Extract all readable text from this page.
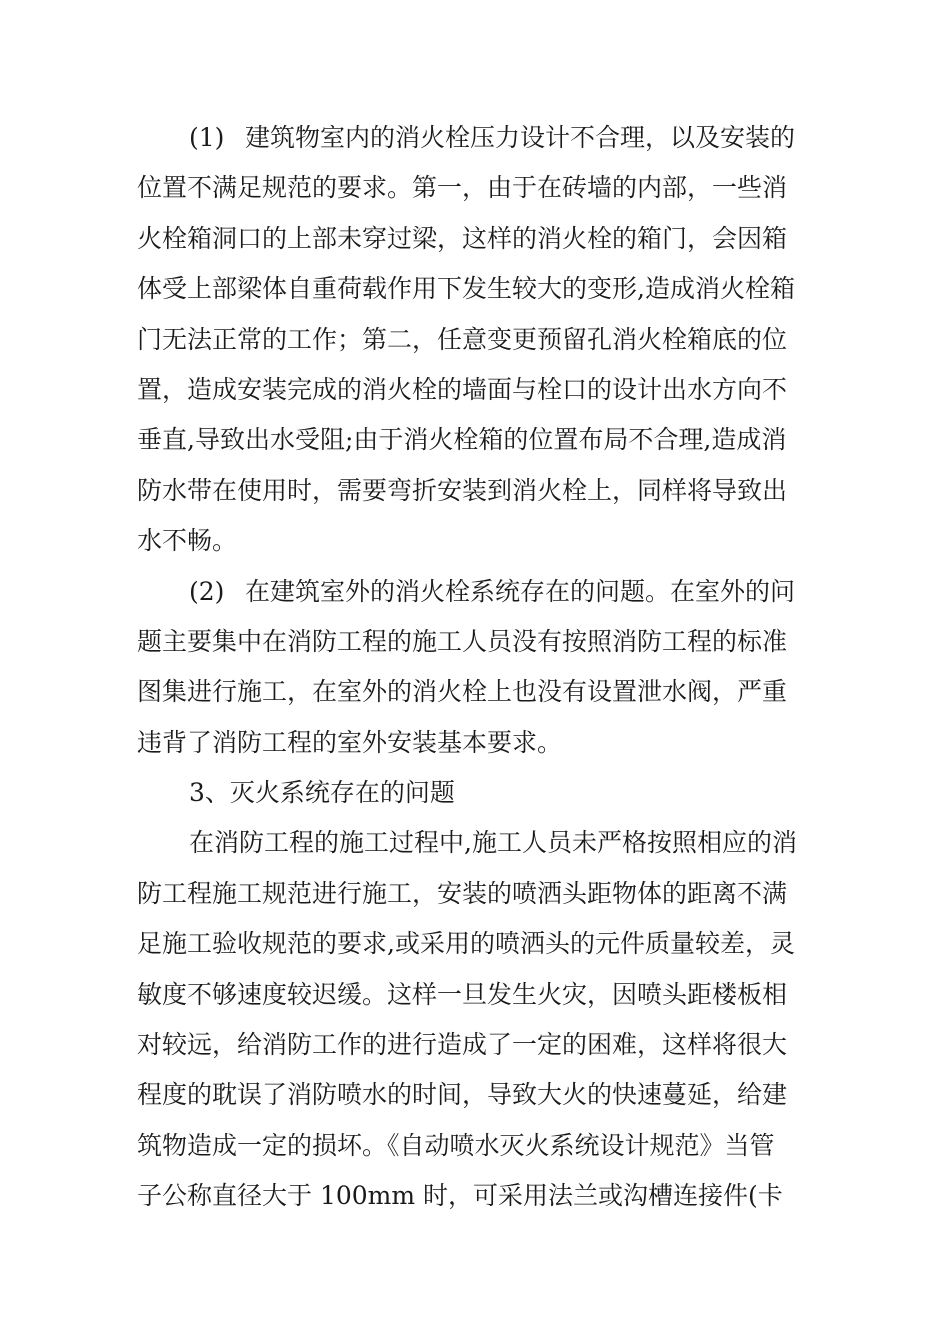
(1) 建筑物室内的消火栓压力设计不合理，以及安装的
位置不满足规范的要求。第一，由于在砖墙的内部，一些消
火栓箱洞口的上部未穿过梁，这样的消火栓的箱门，会因箱
体受上部梁体自重荷载作用下发生较大的变形,造成消火栓箱
门无法正常的工作；第二，任意变更预留孔消火栓箱底的位
置，造成安装完成的消火栓的墙面与栓口的设计出水方向不
垂直,导致出水受阻;由于消火栓箱的位置布局不合理,造成消
防水带在使用时，需要弯折安装到消火栓上，同样将导致出
水不畅。
(2) 在建筑室外的消火栓系统存在的问题。在室外的问
题主要集中在消防工程的施工人员没有按照消防工程的标准
图集进行施工，在室外的消火栓上也没有设置泄水阀，严重
违背了消防工程的室外安装基本要求。
3、灭火系统存在的问题
在消防工程的施工过程中,施工人员未严格按照相应的消
防工程施工规范进行施工，安装的喷洒头距物体的距离不满
足施工验收规范的要求,或采用的喷洒头的元件质量较差，灵
敏度不够速度较迟缓。这样一旦发生火灾，因喷头距楼板相
对较远，给消防工作的进行造成了一定的困难，这样将很大
程度的耽误了消防喷水的时间，导致大火的快速蔓延，给建
筑物造成一定的损坏。《自动喷水灭火系统设计规范》当管
子公称直径大于 100mm 时，可采用法兰或沟槽连接件(卡
